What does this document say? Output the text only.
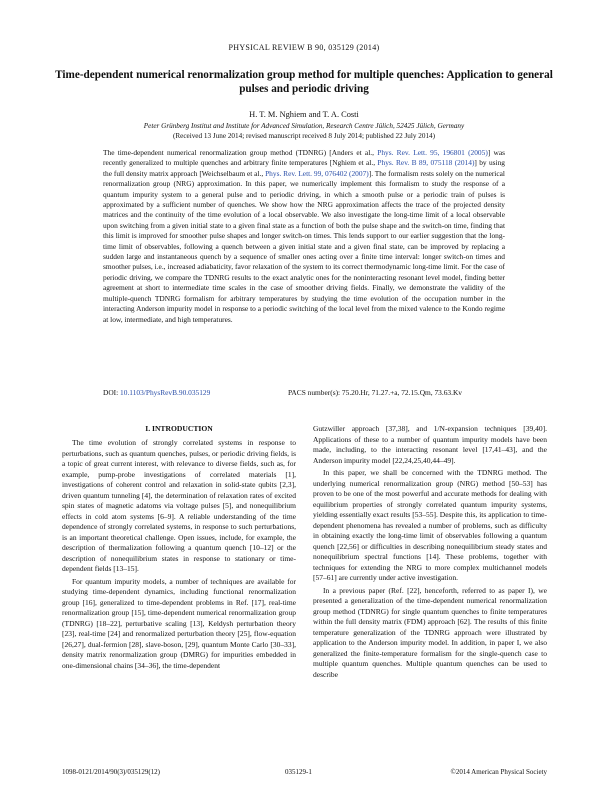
PHYSICAL REVIEW B 90, 035129 (2014)
Time-dependent numerical renormalization group method for multiple quenches: Application to general pulses and periodic driving
H. T. M. Nghiem and T. A. Costi
Peter Grünberg Institut and Institute for Advanced Simulation, Research Centre Jülich, 52425 Jülich, Germany
(Received 13 June 2014; revised manuscript received 8 July 2014; published 22 July 2014)
The time-dependent numerical renormalization group method (TDNRG) [Anders et al., Phys. Rev. Lett. 95, 196801 (2005)] was recently generalized to multiple quenches and arbitrary finite temperatures [Nghiem et al., Phys. Rev. B 89, 075118 (2014)] by using the full density matrix approach [Weichselbaum et al., Phys. Rev. Lett. 99, 076402 (2007)]. The formalism rests solely on the numerical renormalization group (NRG) approximation. In this paper, we numerically implement this formalism to study the response of a quantum impurity system to a general pulse and to periodic driving, in which a smooth pulse or a periodic train of pulses is approximated by a sufficient number of quenches. We show how the NRG approximation affects the trace of the projected density matrices and the continuity of the time evolution of a local observable. We also investigate the long-time limit of a local observable upon switching from a given initial state to a given final state as a function of both the pulse shape and the switch-on time, finding that this limit is improved for smoother pulse shapes and longer switch-on times. This lends support to our earlier suggestion that the long-time limit of observables, following a quench between a given initial state and a given final state, can be improved by replacing a sudden large and instantaneous quench by a sequence of smaller ones acting over a finite time interval: longer switch-on times and smoother pulses, i.e., increased adiabaticity, favor relaxation of the system to its correct thermodynamic long-time limit. For the case of periodic driving, we compare the TDNRG results to the exact analytic ones for the noninteracting resonant level model, finding better agreement at short to intermediate time scales in the case of smoother driving fields. Finally, we demonstrate the validity of the multiple-quench TDNRG formalism for arbitrary temperatures by studying the time evolution of the occupation number in the interacting Anderson impurity model in response to a periodic switching of the local level from the mixed valence to the Kondo regime at low, intermediate, and high temperatures.
DOI: 10.1103/PhysRevB.90.035129	PACS number(s): 75.20.Hr, 71.27.+a, 72.15.Qm, 73.63.Kv
I. INTRODUCTION

The time evolution of strongly correlated systems in response to perturbations, such as quantum quenches, pulses, or periodic driving fields, is a topic of great current interest, with relevance to diverse fields, such as, for example, pump-probe investigations of correlated materials [1], investigations of coherent control and relaxation in solid-state qubits [2,3], driven quantum tunneling [4], the determination of relaxation rates of excited spin states of magnetic adatoms via voltage pulses [5], and nonequilibrium effects in cold atom systems [6–9]. A reliable understanding of the time dependence of strongly correlated systems, in response to such perturbations, is an important theoretical challenge. Open issues, include, for example, the description of thermalization following a quantum quench [10–12] or the description of nonequilibrium states in response to stationary or time-dependent fields [13–15].

For quantum impurity models, a number of techniques are available for studying time-dependent dynamics, including functional renormalization group [16], generalized to time-dependent problems in Ref. [17], real-time renormalization group [15], time-dependent numerical renormalization group (TDNRG) [18–22], perturbative scaling [13], Keldysh perturbation theory [23], real-time [24] and renormalized perturbation theory [25], flow-equation [26,27], dual-fermion [28], slave-boson, [29], quantum Monte Carlo [30–33], density matrix renormalization group (DMRG) for impurities embedded in one-dimensional chains [34–36], the time-dependent

Gutzwiller approach [37,38], and 1/N-expansion techniques [39,40]. Applications of these to a number of quantum impurity models have been made, including, to the interacting resonant level [17,41–43], and the Anderson impurity model [22,24,25,40,44–49].

In this paper, we shall be concerned with the TDNRG method. The underlying numerical renormalization group (NRG) method [50–53] has proven to be one of the most powerful and accurate methods for dealing with equilibrium properties of strongly correlated quantum impurity systems, yielding essentially exact results [53–55]. Despite this, its application to time-dependent phenomena has revealed a number of problems, such as difficulty in obtaining exactly the long-time limit of observables following a quantum quench [22,56] or difficulties in describing nonequilibrium steady states and nonequilibrium spectral functions [14]. These problems, together with techniques for extending the NRG to more complex multichannel models [57–61] are currently under active investigation.

In a previous paper (Ref. [22], henceforth, referred to as paper I), we presented a generalization of the time-dependent numerical renormalization group method (TDNRG) for single quantum quenches to finite temperatures within the full density matrix (FDM) approach [62]. The results of this finite temperature generalization of the TDNRG approach were illustrated by application to the Anderson impurity model. In addition, in paper I, we also generalized the finite-temperature formalism for the single-quench case to multiple quantum quenches. Multiple quantum quenches can be used to describe

1098-0121/2014/90(3)/035129(12)	035129-1	©2014 American Physical Society
